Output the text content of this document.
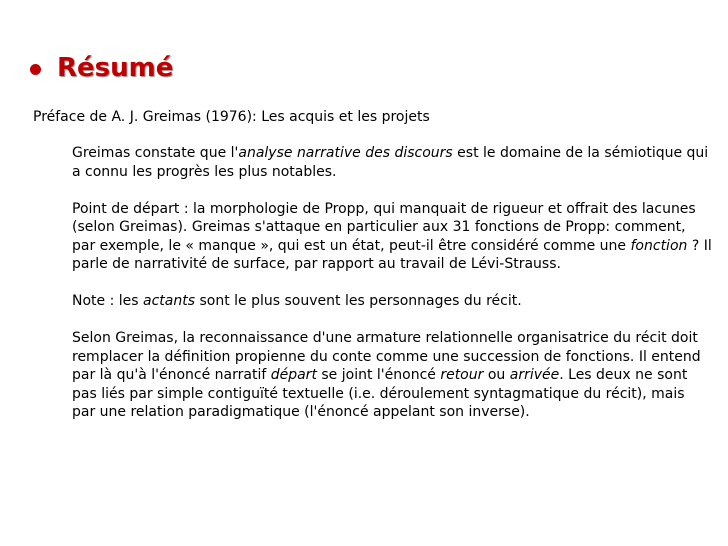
Résumé
Préface de A. J. Greimas (1976): Les acquis et les projets

Greimas constate que l'analyse narrative des discours est le domaine de la sémiotique qui a connu les progrès les plus notables.

Point de départ : la morphologie de Propp, qui manquait de rigueur et offrait des lacunes (selon Greimas). Greimas s'attaque en particulier aux 31 fonctions de Propp: comment, par exemple, le « manque », qui est un état, peut-il être considéré comme une fonction ? Il parle de narrativité de surface, par rapport au travail de Lévi-Strauss.

Note : les actants sont le plus souvent les personnages du récit.

Selon Greimas, la reconnaissance d'une armature relationnelle organisatrice du récit doit remplacer la définition propienne du conte comme une succession de fonctions. Il entend par là qu'à l'énoncé narratif départ se joint l'énoncé retour ou arrivée. Les deux ne sont pas liés par simple contiguïté textuelle (i.e. déroulement syntagmatique du récit), mais par une relation paradigmatique (l'énoncé appelant son inverse).
